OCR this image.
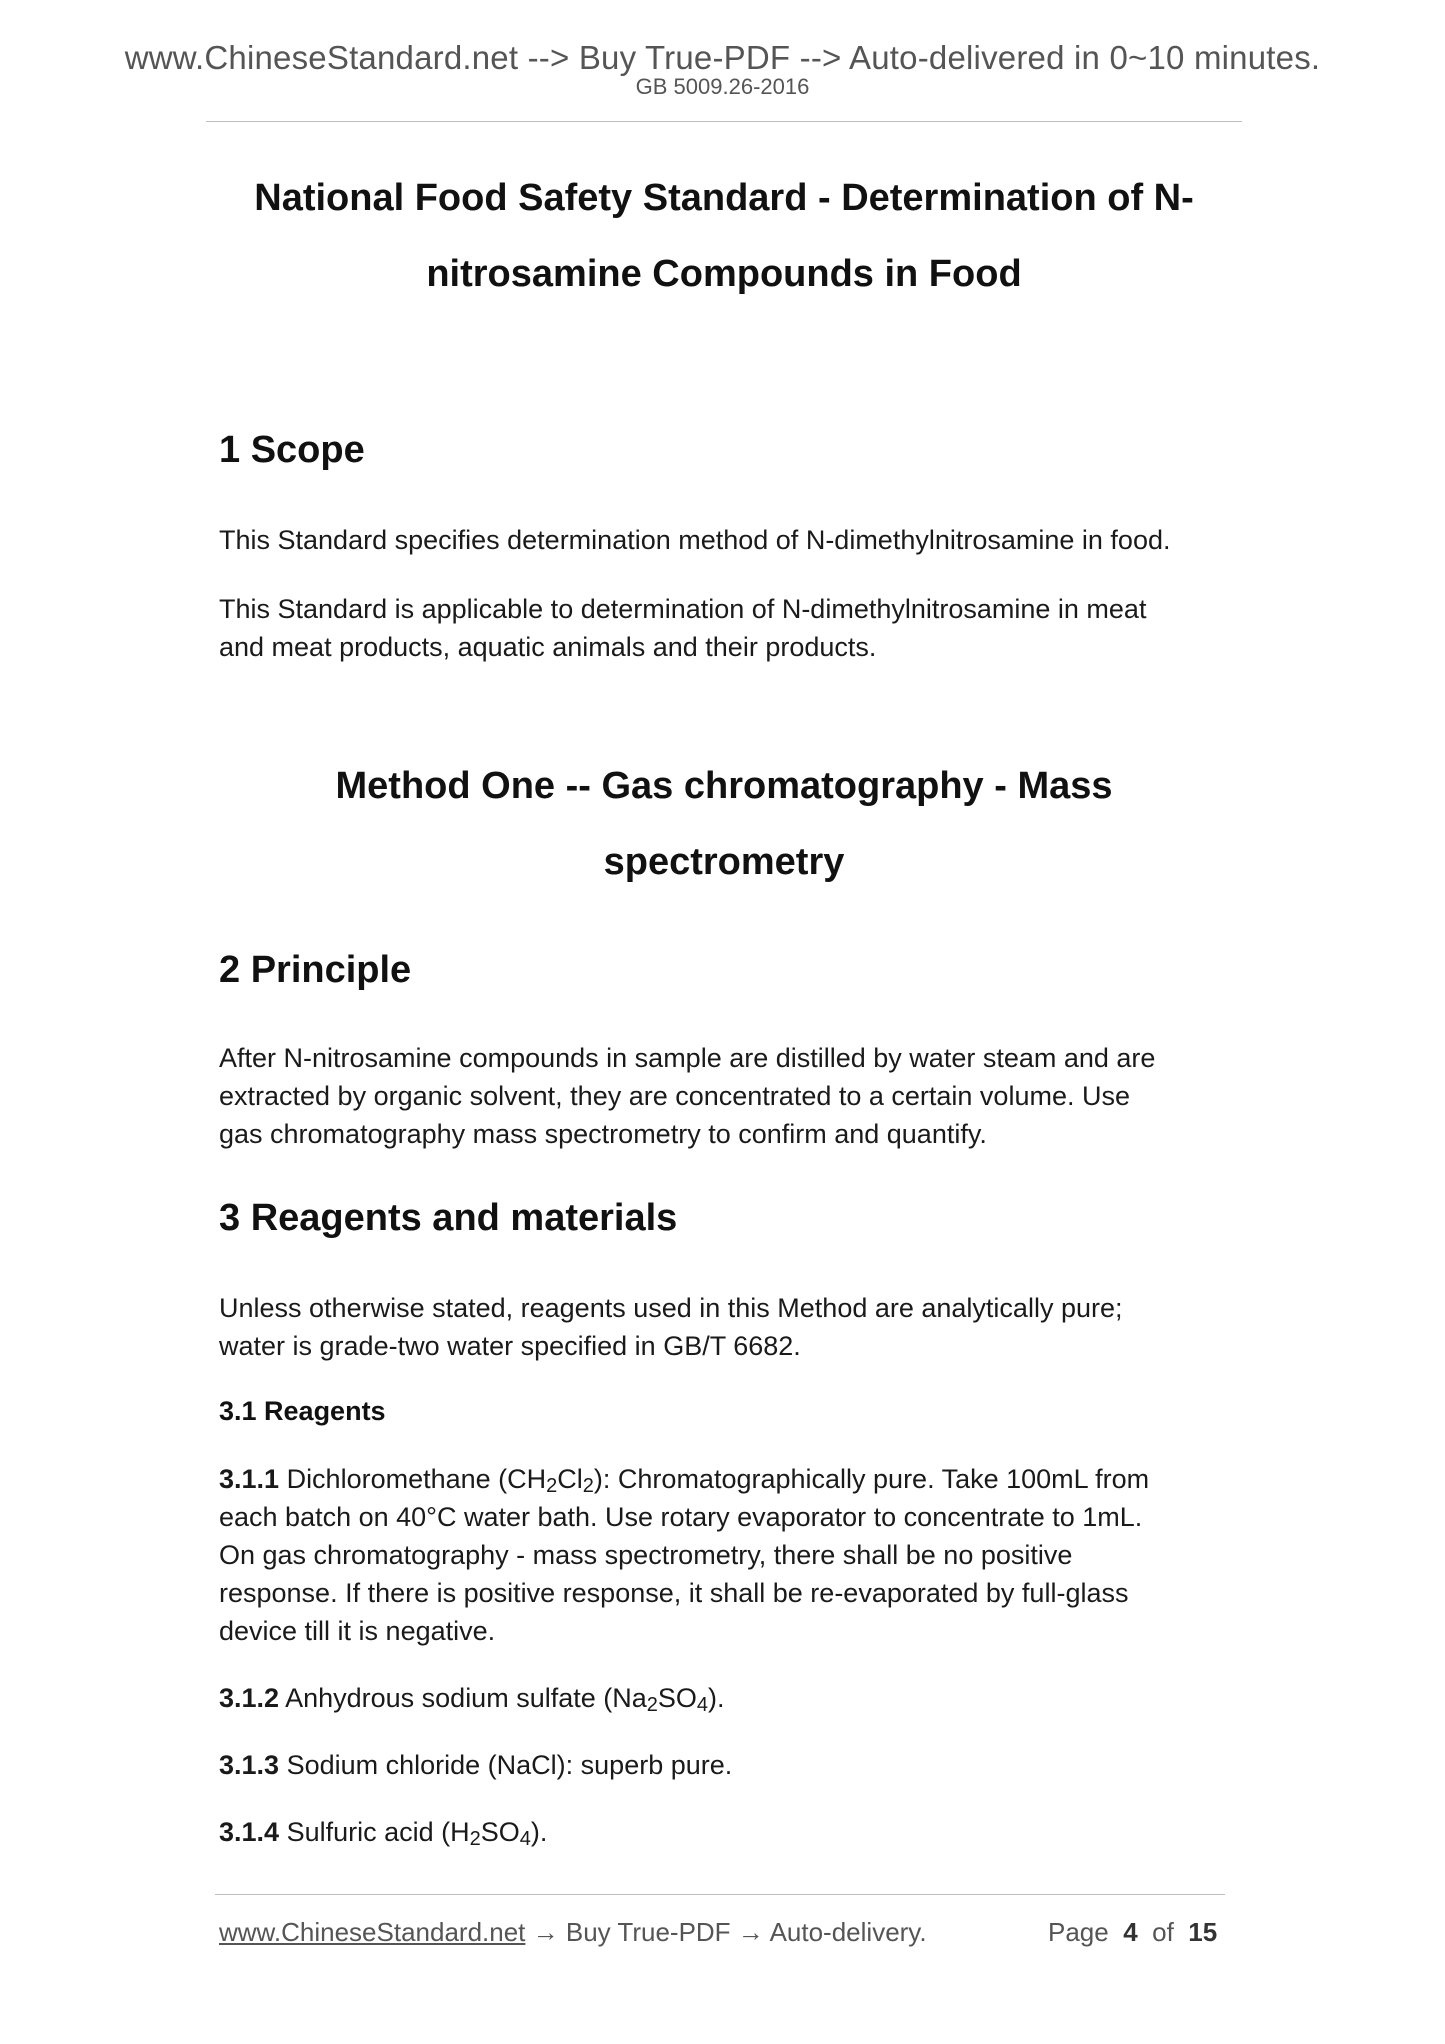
www.ChineseStandard.net --> Buy True-PDF --> Auto-delivered in 0~10 minutes.
GB 5009.26-2016
National Food Safety Standard - Determination of N-
nitrosamine Compounds in Food
1 Scope
This Standard specifies determination method of N-dimethylnitrosamine in food.
This Standard is applicable to determination of N-dimethylnitrosamine in meat
and meat products, aquatic animals and their products.
Method One -- Gas chromatography - Mass
spectrometry
2 Principle
After N-nitrosamine compounds in sample are distilled by water steam and are
extracted by organic solvent, they are concentrated to a certain volume. Use
gas chromatography mass spectrometry to confirm and quantify.
3 Reagents and materials
Unless otherwise stated, reagents used in this Method are analytically pure;
water is grade-two water specified in GB/T 6682.
3.1 Reagents
3.1.1 Dichloromethane $(CH_2Cl_2)$: Chromatographically pure. Take 100mL from
each batch on 40°C water bath. Use rotary evaporator to concentrate to 1mL.
On gas chromatography - mass spectrometry, there shall be no positive
response. If there is positive response, it shall be re-evaporated by full-glass
device till it is negative.
3.1.2 Anhydrous sodium sulfate $(Na_2SO_4)$.
3.1.3 Sodium chloride (NaCl): superb pure.
3.1.4 Sulfuric acid $(H_2SO_4)$.
www.ChineseStandard.net → Buy True-PDF → Auto-delivery.	Page 4 of 15
